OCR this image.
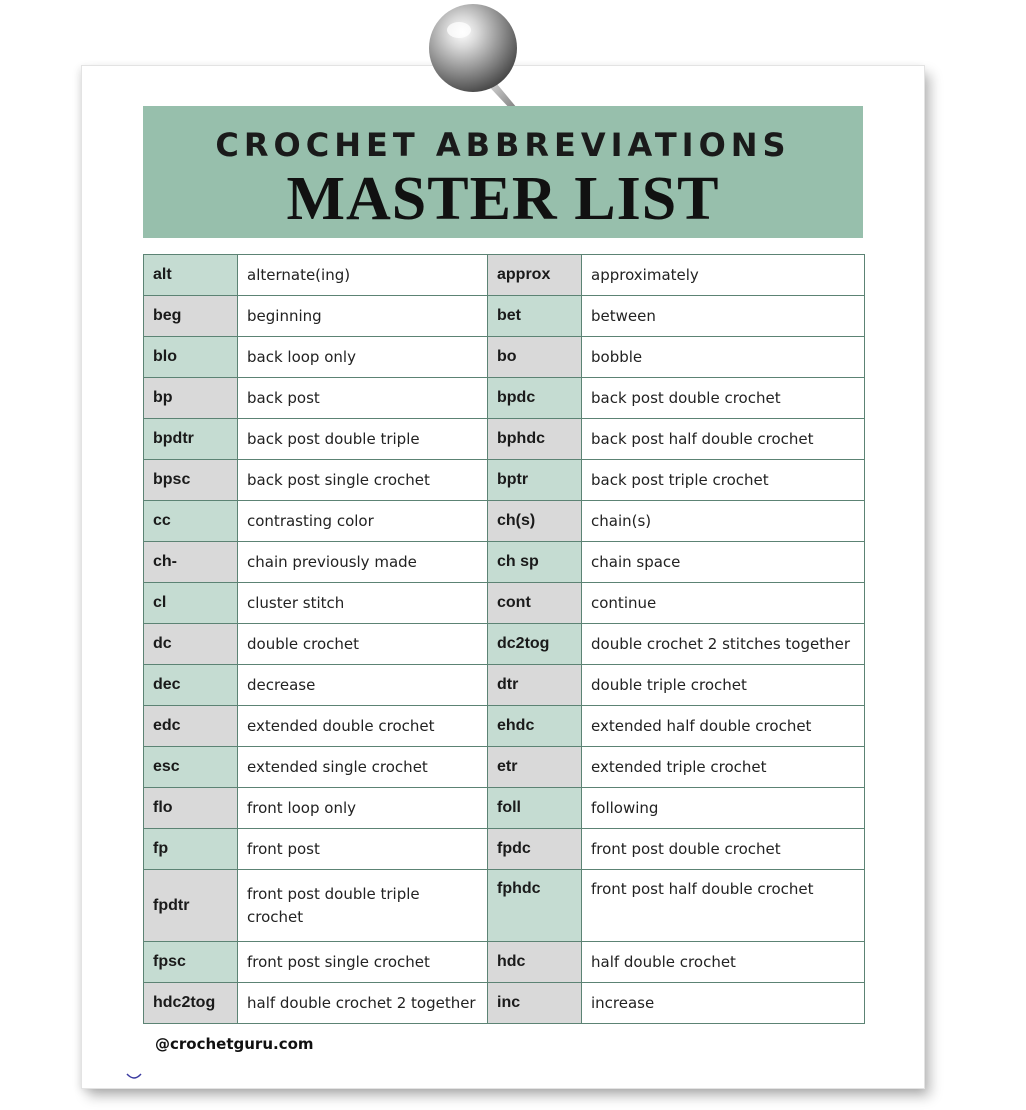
CROCHET ABBREVIATIONS
MASTER LIST
alt	alternate(ing)	approx	approximately
beg	beginning	bet	between
blo	back loop only	bo	bobble
bp	back post	bpdc	back post double crochet
bpdtr	back post double triple	bphdc	back post half double crochet
bpsc	back post single crochet	bptr	back post triple crochet
cc	contrasting color	ch(s)	chain(s)
ch-	chain previously made	ch sp	chain space
cl	cluster stitch	cont	continue
dc	double crochet	dc2tog	double crochet 2 stitches together
dec	decrease	dtr	double triple crochet
edc	extended double crochet	ehdc	extended half double crochet
esc	extended single crochet	etr	extended triple crochet
flo	front loop only	foll	following
fp	front post	fpdc	front post double crochet
fpdtr	front post double triple crochet	fphdc	front post half double crochet
fpsc	front post single crochet	hdc	half double crochet
hdc2tog	half double crochet 2 together	inc	increase
@crochetguru.com
